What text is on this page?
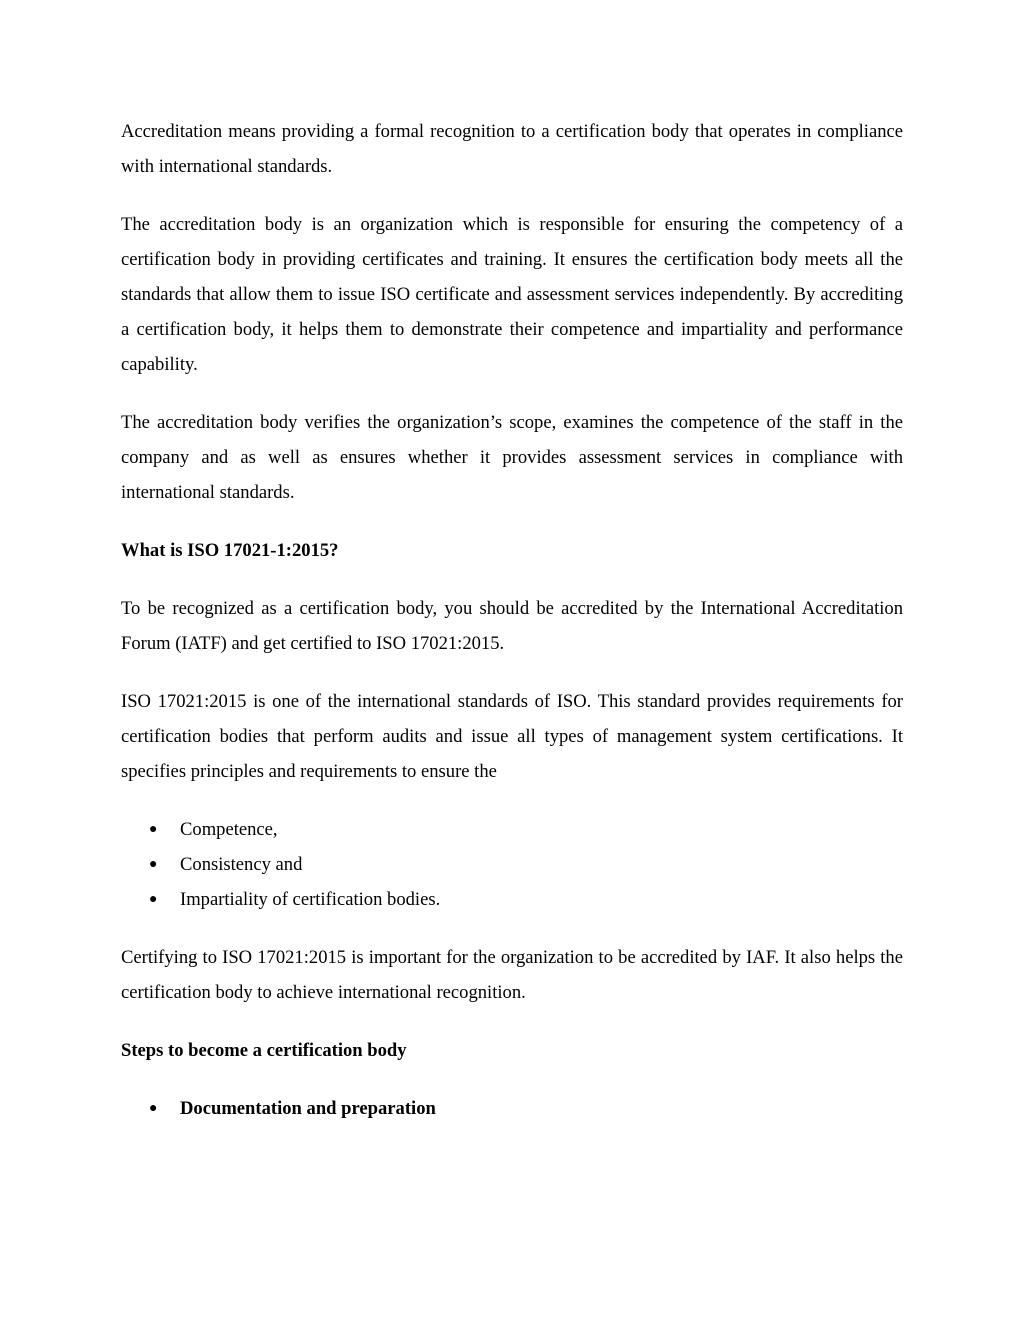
Accreditation means providing a formal recognition to a certification body that operates in compliance with international standards.

The accreditation body is an organization which is responsible for ensuring the competency of a certification body in providing certificates and training. It ensures the certification body meets all the standards that allow them to issue ISO certificate and assessment services independently. By accrediting a certification body, it helps them to demonstrate their competence and impartiality and performance capability.

The accreditation body verifies the organization’s scope, examines the competence of the staff in the company and as well as ensures whether it provides assessment services in compliance with international standards.

What is ISO 17021-1:2015?

To be recognized as a certification body, you should be accredited by the International Accreditation Forum (IATF) and get certified to ISO 17021:2015.

ISO 17021:2015 is one of the international standards of ISO. This standard provides requirements for certification bodies that perform audits and issue all types of management system certifications. It specifies principles and requirements to ensure the

● Competence,
● Consistency and
● Impartiality of certification bodies.

Certifying to ISO 17021:2015 is important for the organization to be accredited by IAF. It also helps the certification body to achieve international recognition.

Steps to become a certification body

● Documentation and preparation
